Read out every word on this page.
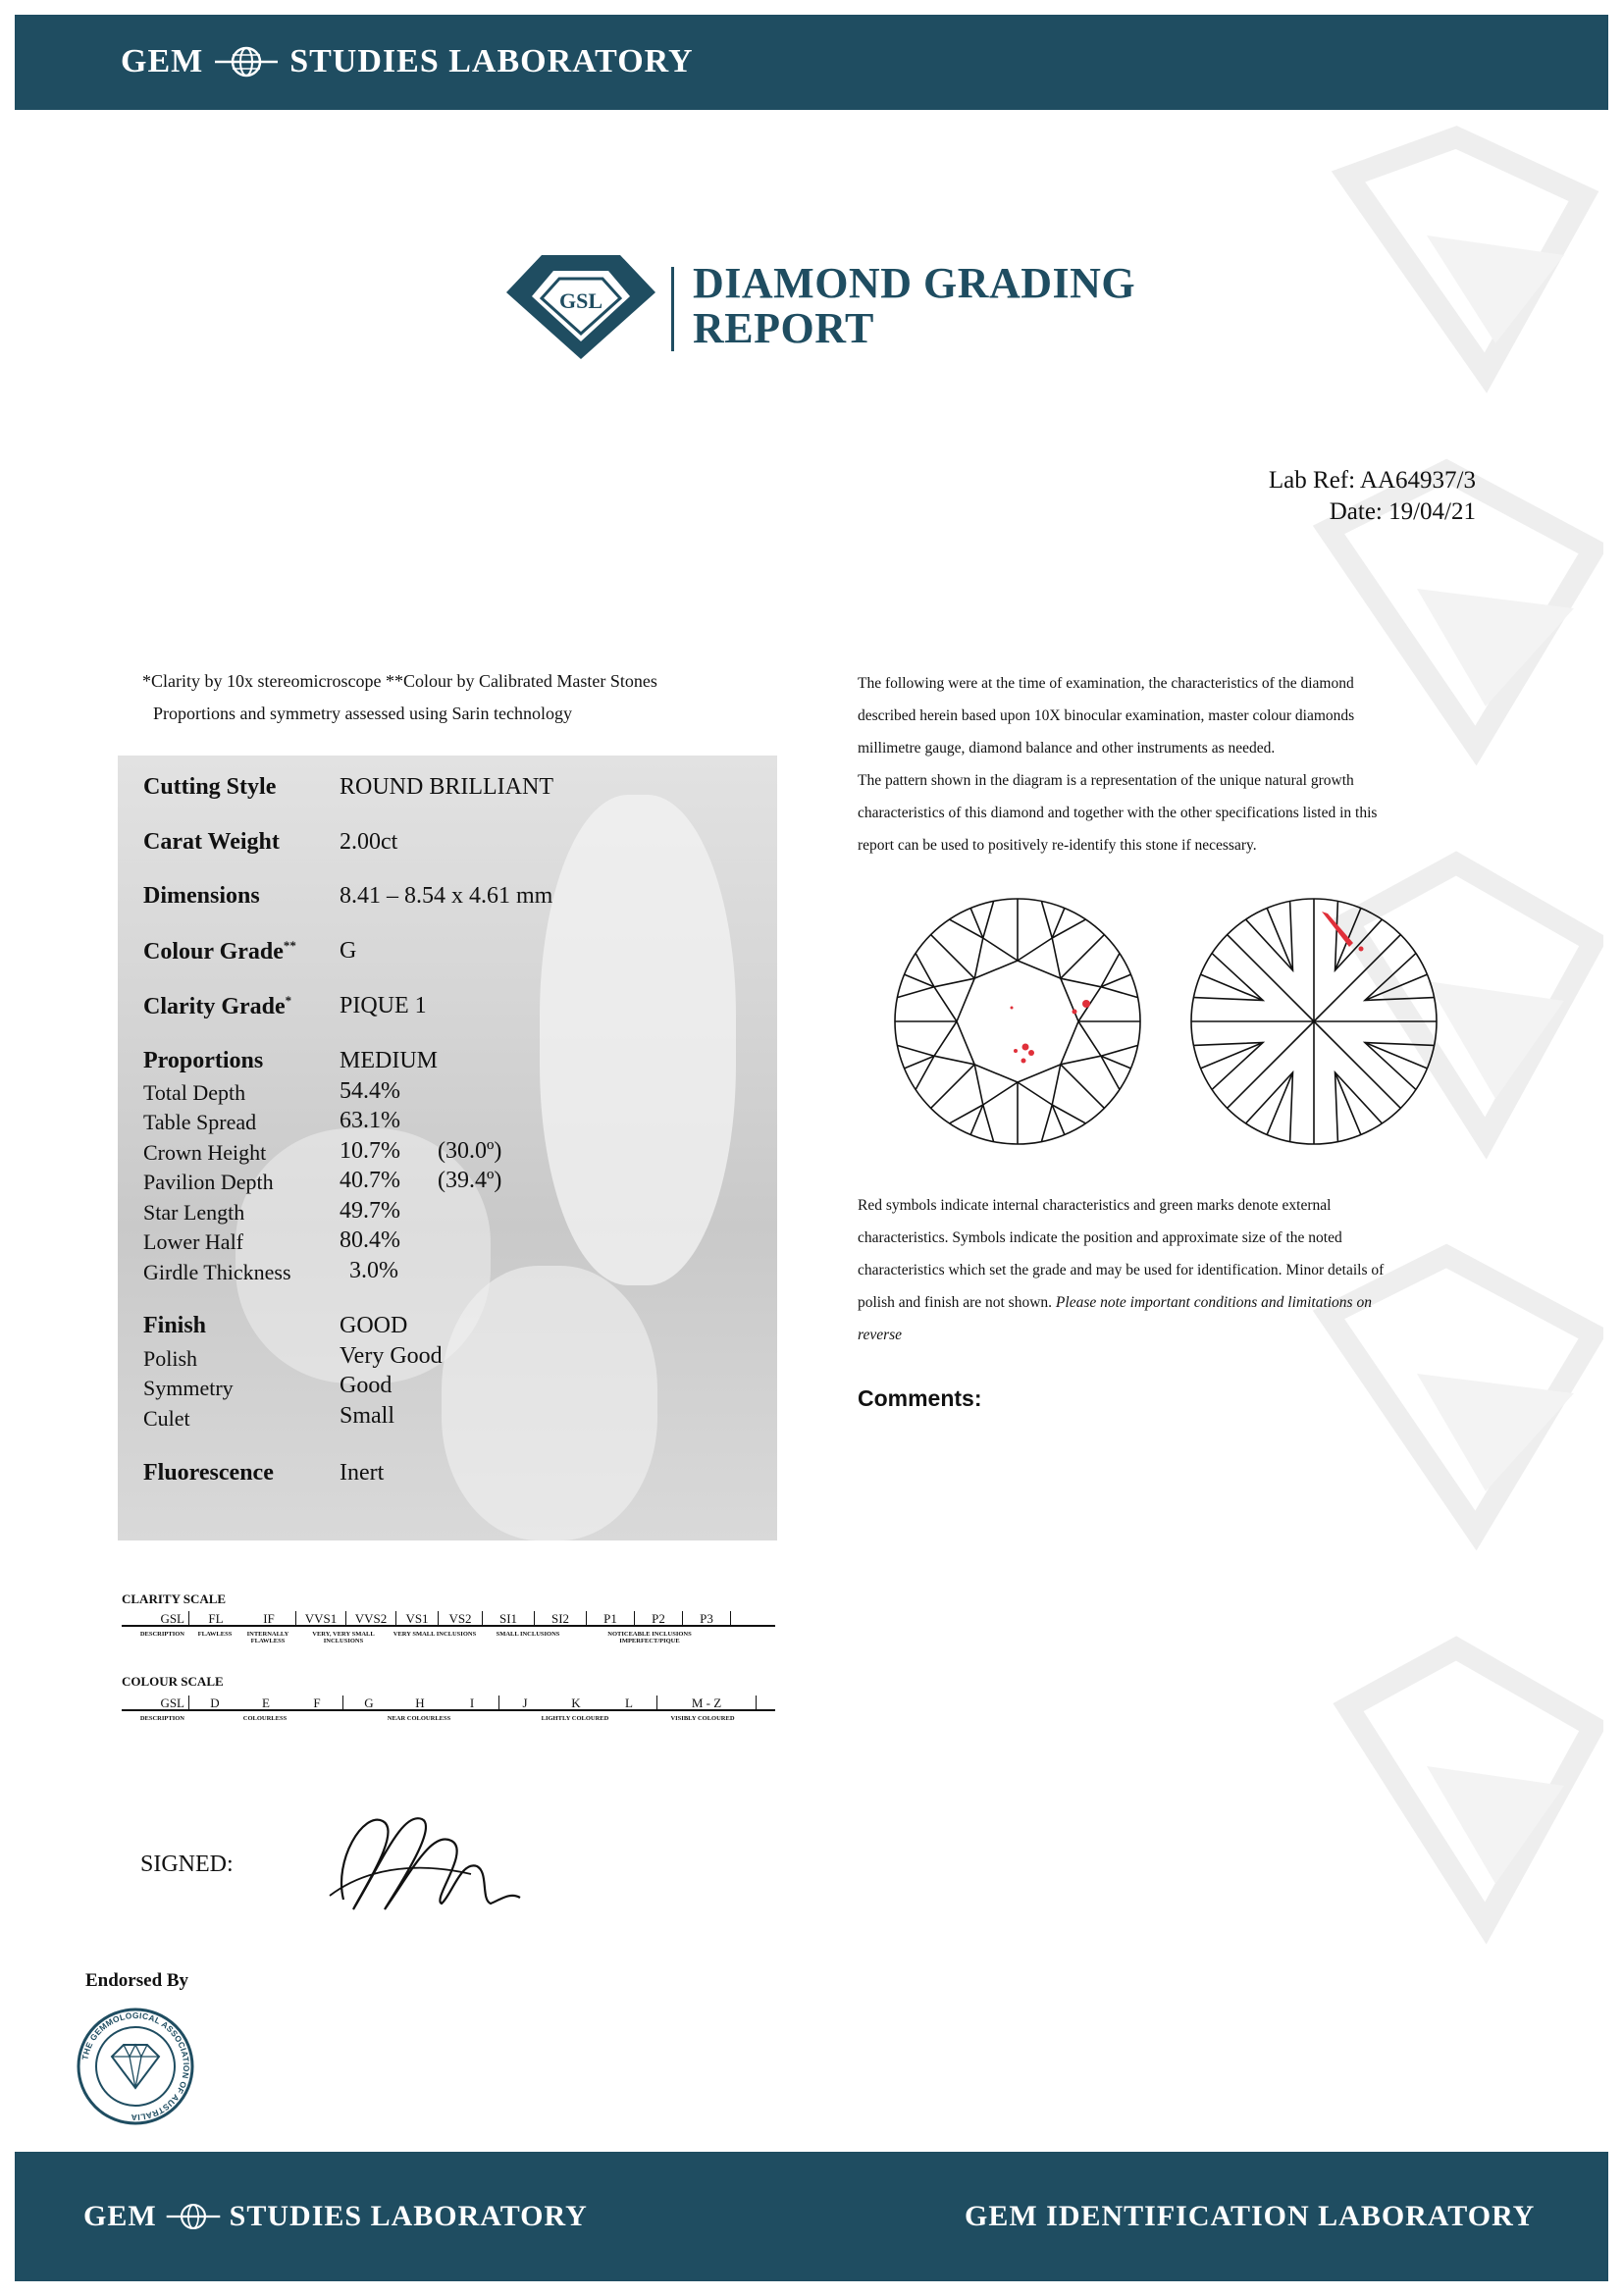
GEM	STUDIES LABORATORY
GSL DIAMOND GRADING
REPORT
Lab Ref: AA64937/3
Date: 19/04/21
*Clarity by 10x stereomicroscope **Colour by Calibrated Master Stones
Proportions and symmetry assessed using Sarin technology
Cutting Style	ROUND BRILLIANT
Carat Weight	2.00ct
Dimensions	8.41 – 8.54 x 4.61 mm
Colour Grade** G
Clarity Grade* PIQUE 1
Proportions	MEDIUM
Total Depth	54.4%
Table Spread	63.1%
Crown Height	10.7% (30.0º)
Pavilion Depth	40.7% (39.4º)
Star Length	49.7%
Lower Half	80.4%
Girdle Thickness 3.0%
Finish	GOOD
Polish	Very Good
Symmetry	Good
Culet	Small
Fluorescence	Inert
The following were at the time of examination, the characteristics of the diamond
described herein based upon 10X binocular examination, master colour diamonds
millimetre gauge, diamond balance and other instruments as needed.
The pattern shown in the diagram is a representation of the unique natural growth
characteristics of this diamond and together with the other specifications listed in this
report can be used to positively re-identify this stone if necessary.
Red symbols indicate internal characteristics and green marks denote external
characteristics. Symbols indicate the position and approximate size of the noted
characteristics which set the grade and may be used for identification. Minor details of
polish and finish are not shown. Please note important conditions and limitations on
reverse
Comments:
CLARITY SCALE
GSL	FL	IF	VVS1	VVS2	VS1	VS2	SI1	SI2	P1	P2	P3
DESCRIPTION	FLAWLESS	INTERNALLY FLAWLESS
VERY, VERY SMALL INCLUSIONS
VERY SMALL INCLUSIONS	SMALL INCLUSIONS	NOTICEABLE INCLUSIONS IMPERFECT/PIQUE
COLOUR SCALE
GSL	D	E	F	G	H	I	J	K	L	M - Z
DESCRIPTION	COLOURLESS	NEAR COLOURLESS	LIGHTLY COLOURED	VISIBLY COLOURED
SIGNED:
Endorsed By
THE GEMMOLOGICAL ASSOCIATION OF AUSTRALIA
GEM STUDIES LABORATORY	GEM IDENTIFICATION LABORATORY
